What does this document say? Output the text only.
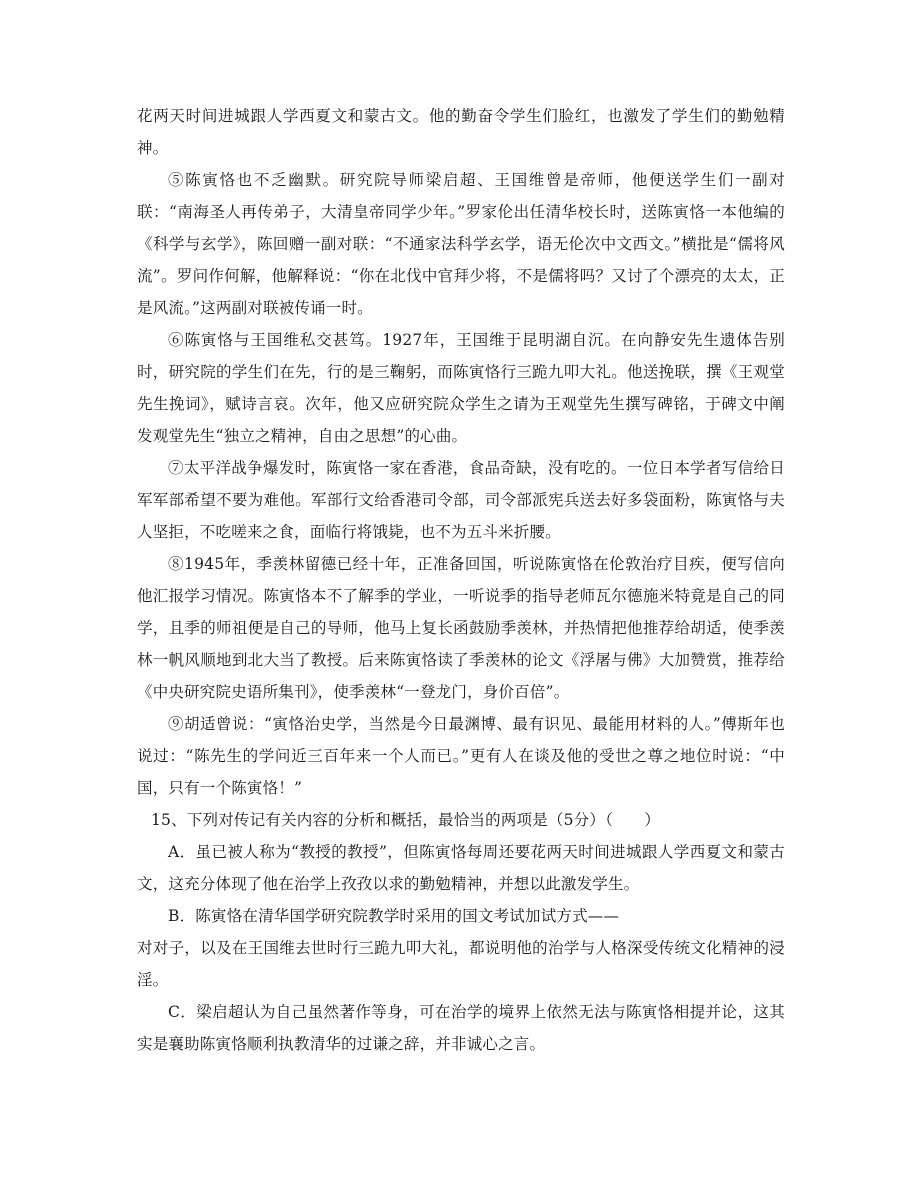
花两天时间进城跟人学西夏文和蒙古文。他的勤奋令学生们脸红，也激发了学生们的勤勉精神。

⑤陈寅恪也不乏幽默。研究院导师梁启超、王国维曾是帝师，他便送学生们一副对联：“南海圣人再传弟子，大清皇帝同学少年。”罗家伦出任清华校长时，送陈寅恪一本他编的《科学与玄学》，陈回赠一副对联：“不通家法科学玄学，语无伦次中文西文。”横批是“儒将风流”。罗问作何解，他解释说：“你在北伐中官拜少将，不是儒将吗？又讨了个漂亮的太太，正是风流。”这两副对联被传诵一时。

⑥陈寅恪与王国维私交甚笃。1927年，王国维于昆明湖自沉。在向静安先生遗体告别时，研究院的学生们在先，行的是三鞠躬，而陈寅恪行三跪九叩大礼。他送挽联，撰《王观堂先生挽词》，赋诗言哀。次年，他又应研究院众学生之请为王观堂先生撰写碑铭，于碑文中阐发观堂先生“独立之精神，自由之思想”的心曲。

⑦太平洋战争爆发时，陈寅恪一家在香港，食品奇缺，没有吃的。一位日本学者写信给日军军部希望不要为难他。军部行文给香港司令部，司令部派宪兵送去好多袋面粉，陈寅恪与夫人坚拒，不吃嗟来之食，面临行将饿毙，也不为五斗米折腰。

⑧1945年，季羡林留德已经十年，正准备回国，听说陈寅恪在伦敦治疗目疾，便写信向他汇报学习情况。陈寅恪本不了解季的学业，一听说季的指导老师瓦尔德施米特竟是自己的同学，且季的师祖便是自己的导师，他马上复长函鼓励季羡林，并热情把他推荐给胡适，使季羡林一帆风顺地到北大当了教授。后来陈寅恪读了季羡林的论文《浮屠与佛》大加赞赏，推荐给《中央研究院史语所集刊》，使季羡林“一登龙门，身价百倍”。

⑨胡适曾说：“寅恪治史学，当然是今日最渊博、最有识见、最能用材料的人。”傅斯年也说过：“陈先生的学问近三百年来一个人而已。”更有人在谈及他的受世之尊之地位时说：“中国，只有一个陈寅恪！”

15、下列对传记有关内容的分析和概括，最恰当的两项是（5分）（　　）

A．虽已被人称为“教授的教授”，但陈寅恪每周还要花两天时间进城跟人学西夏文和蒙古文，这充分体现了他在治学上孜孜以求的勤勉精神，并想以此激发学生。

B．陈寅恪在清华国学研究院教学时采用的国文考试加试方式——

对对子，以及在王国维去世时行三跪九叩大礼，都说明他的治学与人格深受传统文化精神的浸淫。

C．梁启超认为自己虽然著作等身，可在治学的境界上依然无法与陈寅恪相提并论，这其实是襄助陈寅恪顺利执教清华的过谦之辞，并非诚心之言。
